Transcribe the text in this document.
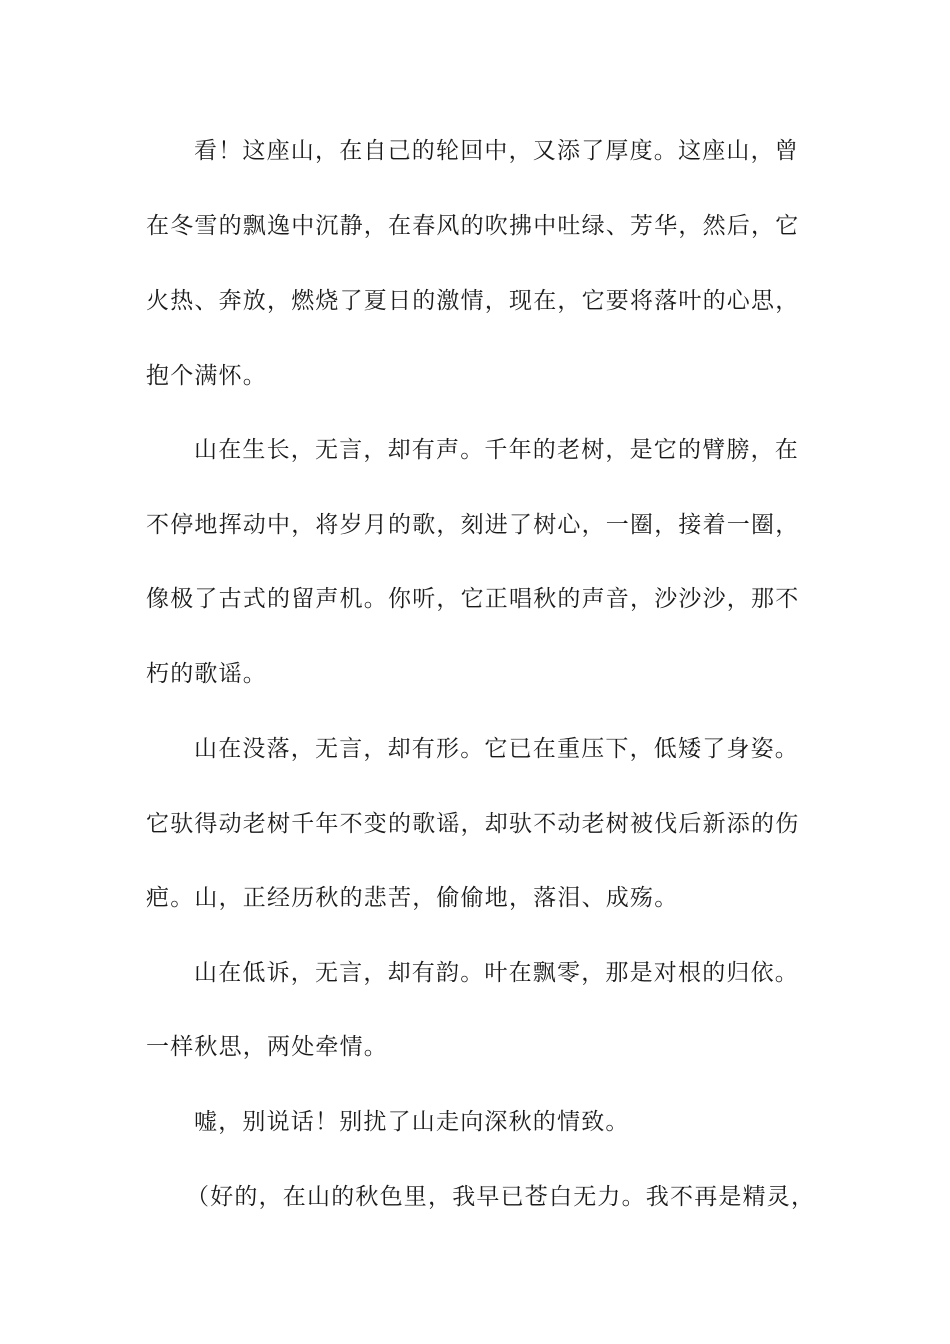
看！这座山，在自己的轮回中，又添了厚度。这座山，曾
在冬雪的飘逸中沉静，在春风的吹拂中吐绿、芳华，然后，它
火热、奔放，燃烧了夏日的激情，现在，它要将落叶的心思，
抱个满怀。
山在生长，无言，却有声。千年的老树，是它的臂膀，在
不停地挥动中，将岁月的歌，刻进了树心，一圈，接着一圈，
像极了古式的留声机。你听，它正唱秋的声音，沙沙沙，那不
朽的歌谣。
山在没落，无言，却有形。它已在重压下，低矮了身姿。
它驮得动老树千年不变的歌谣，却驮不动老树被伐后新添的伤
疤。山，正经历秋的悲苦，偷偷地，落泪、成殇。
山在低诉，无言，却有韵。叶在飘零，那是对根的归依。
一样秋思，两处牵情。
嘘，别说话！别扰了山走向深秋的情致。
（好的，在山的秋色里，我早已苍白无力。我不再是精灵，
